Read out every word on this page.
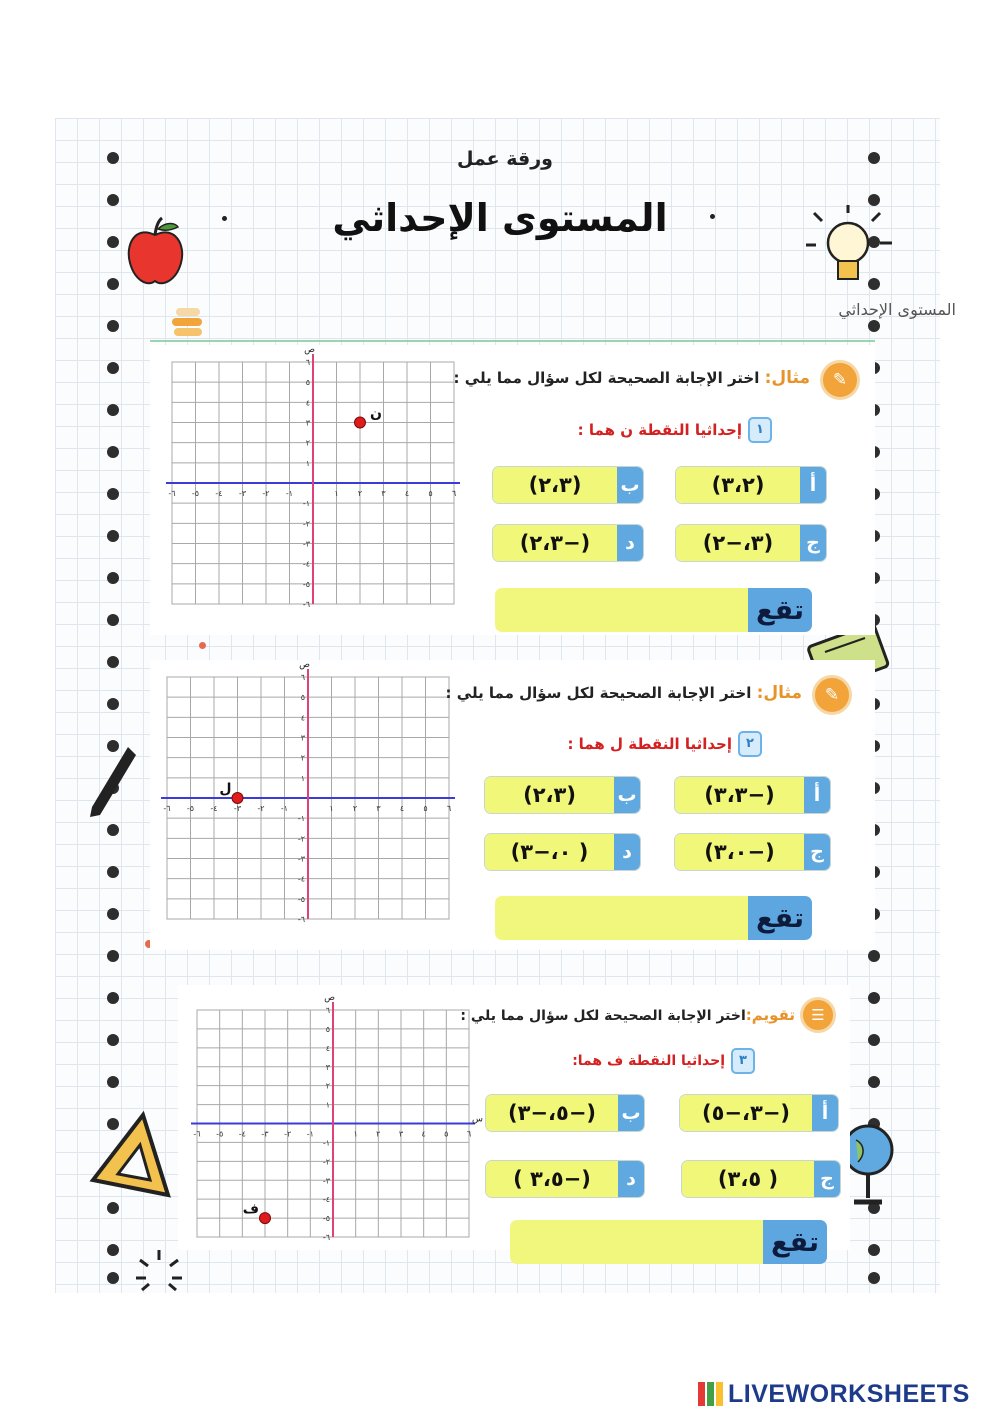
ورقة عمل
المستوى الإحداثي
المستوى الإحداثي
-٦ -٥ -٤ -٣ -٢ -١	١ ٢ ٣ ٤ ٥ ٦
-٦
-٥
-٤
-٣
-٢
-١
١
٢
٣
٤
٥
٦
ص
ن
✎
مثال: اختر الإجابة الصحيحة لكل سؤال مما يلي :
١
إحداثيا النقطة ن هما :
أ
(٣،٢)
ب
(٢،٣)
ج
(٣،−٢)
د
(−٢،٣)
تقع
-٦ -٥ -٤ -٣ -٢ -١	١ ٢ ٣ ٤ ٥ ٦
-٦
-٥
-٤
-٣
-٢
-١
١
٢
٣
٤
٥
٦
ص
ل
✎
مثال: اختر الإجابة الصحيحة لكل سؤال مما يلي :
٢
إحداثيا النقطة ل هما :
أ
(−٣،٣)
ب
(٢،٣)
ج
(−٣،٠)
د
( ٠،−٣)
تقع
-٦ -٥ -٤ -٣ -٢ -١	١ ٢ ٣ ٤ ٥ ٦
-٦
-٥
-٤
-٣
-٢
-١
١
٢
٣
٤
٥
٦
ص
س
ف
☰
تقويم:اختر الإجابة الصحيحة لكل سؤال مما يلي :
٣
إحداثيا النقطة ف هما:
أ
(−٣،−٥)
ب
(−٥،−٣)
ج
( ٣،٥)
د
(−٣،٥ )
تقع
LIVEWORKSHEETS
